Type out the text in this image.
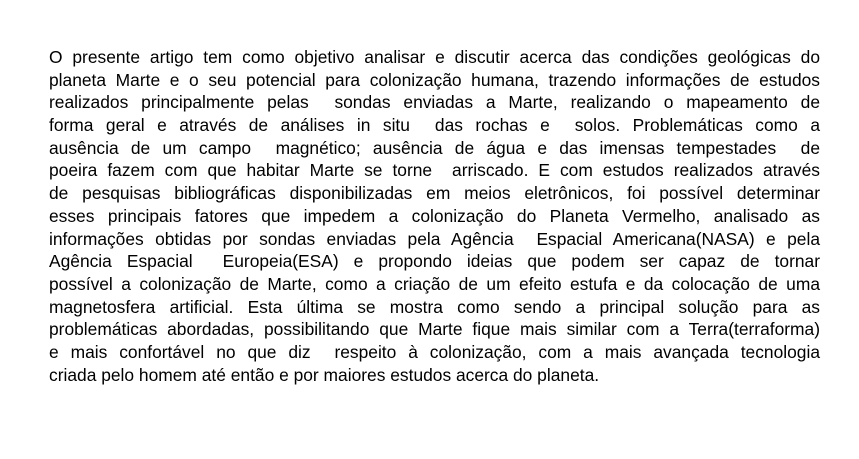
O presente artigo tem como objetivo analisar e discutir acerca das condições geológicas do
planeta Marte e o seu potencial para colonização humana, trazendo informações de estudos
realizados principalmente pelas  sondas enviadas a Marte, realizando o mapeamento de
forma geral e através de análises in situ  das rochas e  solos. Problemáticas como a
ausência de um campo  magnético; ausência de água e das imensas tempestades  de
poeira fazem com que habitar Marte se torne  arriscado. E com estudos realizados através
de pesquisas bibliográficas disponibilizadas em meios eletrônicos, foi possível determinar
esses principais fatores que impedem a colonização do Planeta Vermelho, analisado as
informações obtidas por sondas enviadas pela Agência  Espacial Americana(NASA) e pela
Agência Espacial  Europeia(ESA) e propondo ideias que podem ser capaz de tornar
possível a colonização de Marte, como a criação de um efeito estufa e da colocação de uma
magnetosfera artificial. Esta última se mostra como sendo a principal solução para as
problemáticas abordadas, possibilitando que Marte fique mais similar com a Terra(terraforma)
e mais confortável no que diz  respeito à colonização, com a mais avançada tecnologia
criada pelo homem até então e por maiores estudos acerca do planeta.
